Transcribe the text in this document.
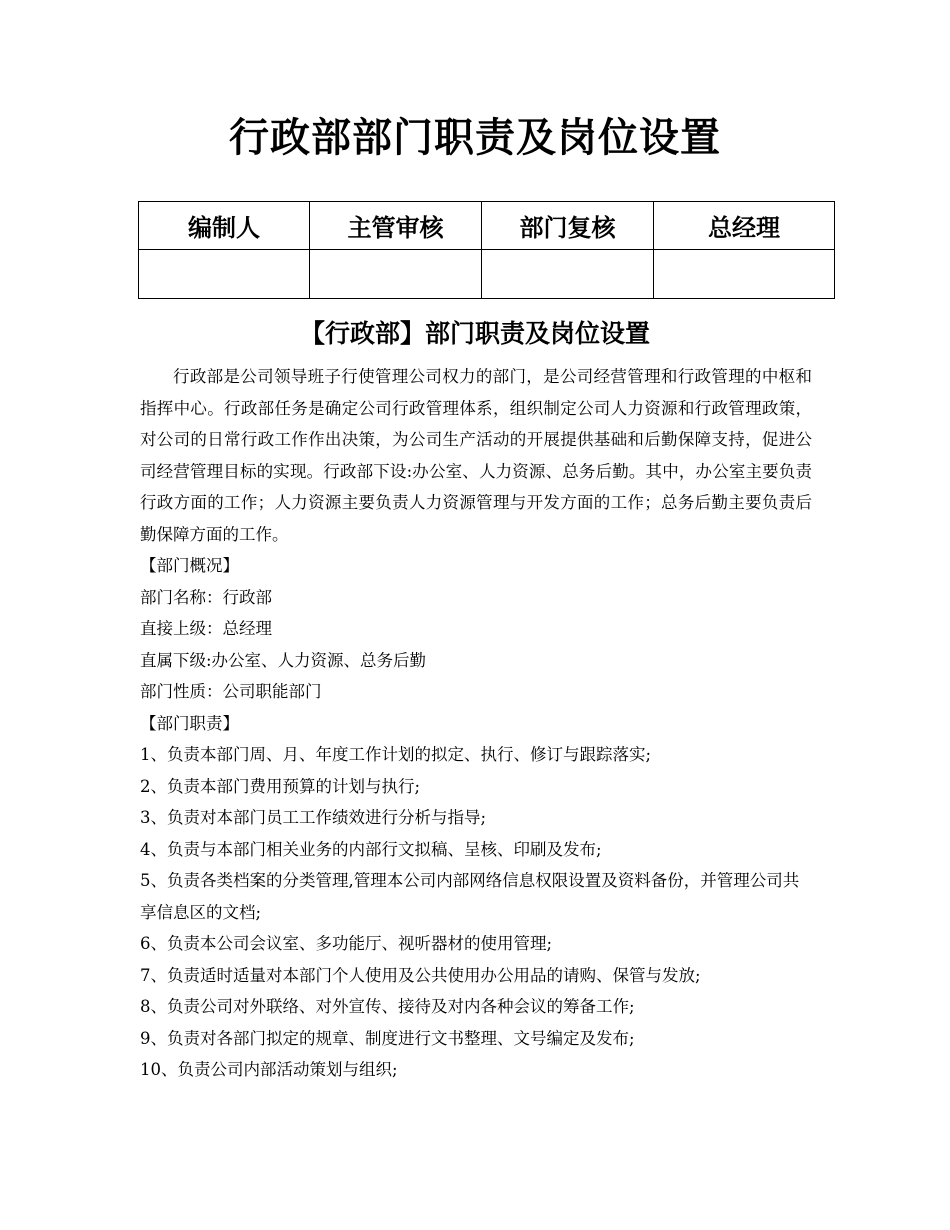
行政部部门职责及岗位设置
编制人	主管审核	部门复核	总经理

【行政部】部门职责及岗位设置

行政部是公司领导班子行使管理公司权力的部门，是公司经营管理和行政管理的中枢和指挥中心。行政部任务是确定公司行政管理体系，组织制定公司人力资源和行政管理政策，对公司的日常行政工作作出决策，为公司生产活动的开展提供基础和后勤保障支持，促进公司经营管理目标的实现。行政部下设:办公室、人力资源、总务后勤。其中，办公室主要负责行政方面的工作；人力资源主要负责人力资源管理与开发方面的工作；总务后勤主要负责后勤保障方面的工作。

【部门概况】

部门名称：行政部

直接上级：总经理

直属下级:办公室、人力资源、总务后勤

部门性质：公司职能部门

【部门职责】

1、负责本部门周、月、年度工作计划的拟定、执行、修订与跟踪落实;

2、负责本部门费用预算的计划与执行;

3、负责对本部门员工工作绩效进行分析与指导;

4、负责与本部门相关业务的内部行文拟稿、呈核、印刷及发布;

5、负责各类档案的分类管理,管理本公司内部网络信息权限设置及资料备份，并管理公司共享信息区的文档;

6、负责本公司会议室、多功能厅、视听器材的使用管理;

7、负责适时适量对本部门个人使用及公共使用办公用品的请购、保管与发放;

8、负责公司对外联络、对外宣传、接待及对内各种会议的筹备工作;

9、负责对各部门拟定的规章、制度进行文书整理、文号编定及发布;

10、负责公司内部活动策划与组织;
